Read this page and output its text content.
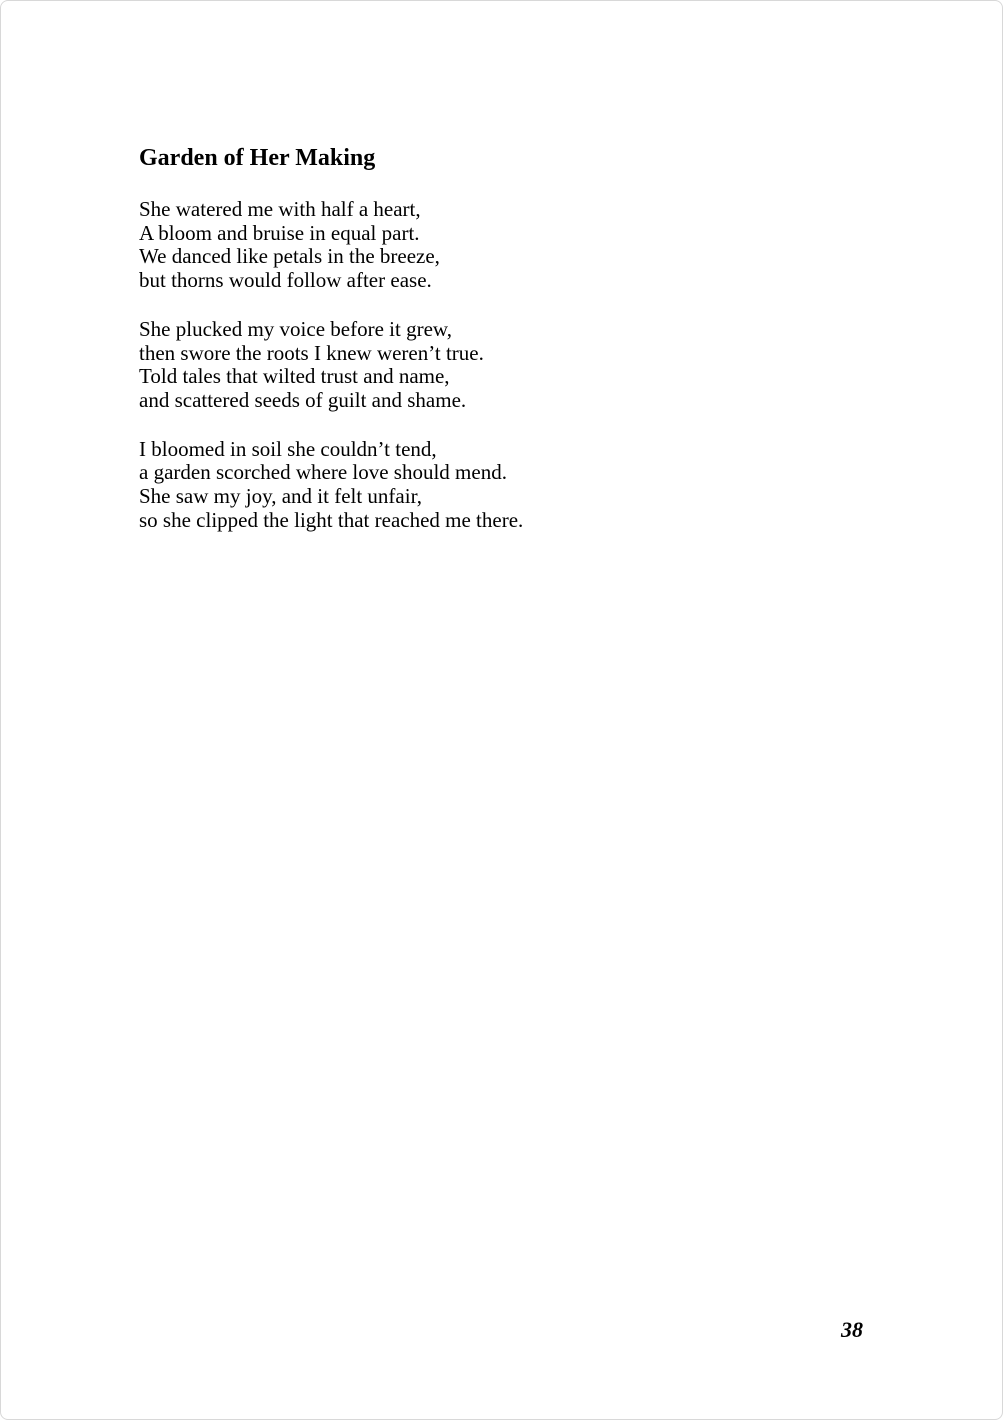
Garden of Her Making
She watered me with half a heart,
A bloom and bruise in equal part.
We danced like petals in the breeze,
but thorns would follow after ease.
She plucked my voice before it grew,
then swore the roots I knew weren’t true.
Told tales that wilted trust and name,
and scattered seeds of guilt and shame.
I bloomed in soil she couldn’t tend,
a garden scorched where love should mend.
She saw my joy, and it felt unfair,
so she clipped the light that reached me there.
38
